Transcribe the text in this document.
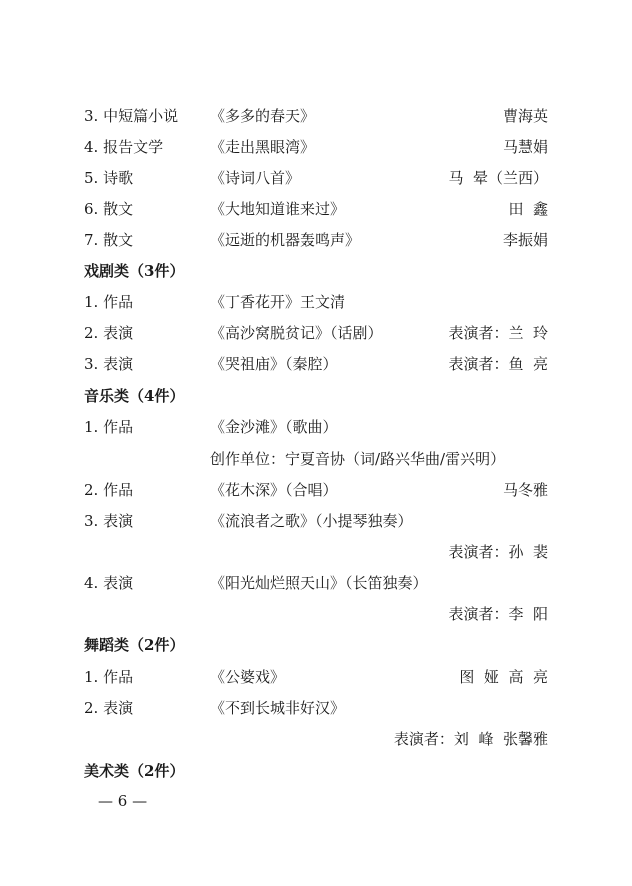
3. 中短篇小说 《多多的春天》	曹海英
4. 报告文学	《走出黑眼湾》	马慧娟
5. 诗歌	《诗词八首》	马  晕（兰西）
6. 散文	《大地知道谁来过》	田  鑫
7. 散文	《远逝的机器轰鸣声》	李振娟
戏剧类（3件）
1. 作品	《丁香花开》王文清
2. 表演	《高沙窝脱贫记》（话剧）	表演者：兰  玲
3. 表演	《哭祖庙》（秦腔）	表演者：鱼  亮
音乐类（4件）
1. 作品	《金沙滩》（歌曲）
创作单位：宁夏音协（词/路兴华曲/雷兴明）
2. 作品	《花木深》（合唱）	马冬雅
3. 表演	《流浪者之歌》（小提琴独奏）
表演者：孙  裴
4. 表演	《阳光灿烂照天山》（长笛独奏）
表演者：李  阳
舞蹈类（2件）
1. 作品	《公婆戏》	图  娅  高  亮
2. 表演	《不到长城非好汉》
表演者：刘  峰  张馨雅
美术类（2件）
— 6 —
